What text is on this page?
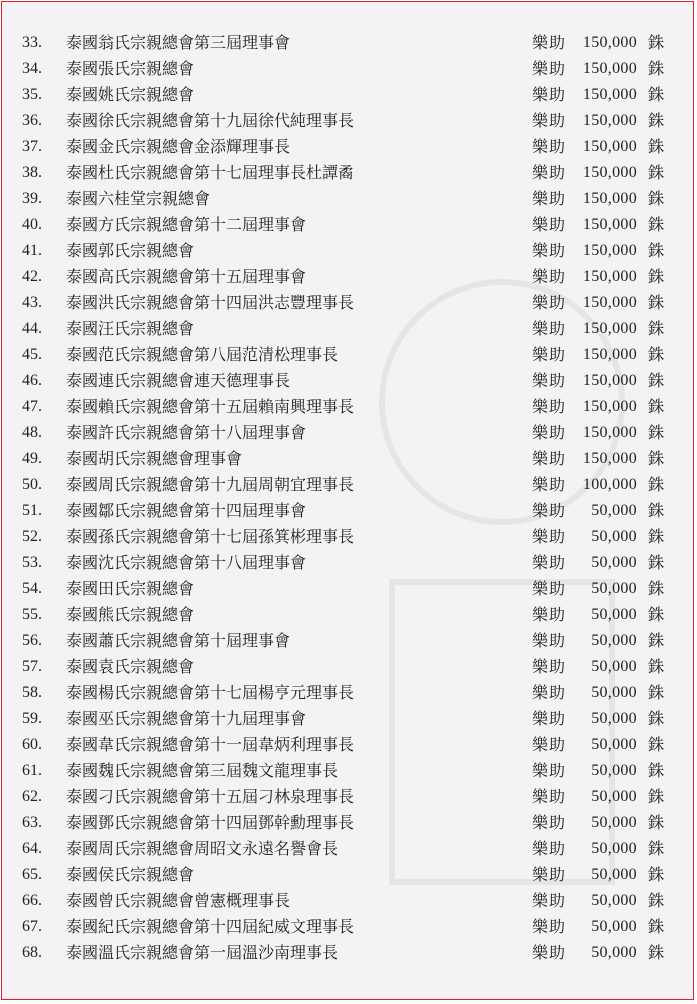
33.	泰國翁氏宗親總會第三屆理事會	樂助 150,000 銖
34.	泰國張氏宗親總會	樂助 150,000 銖
35.	泰國姚氏宗親總會	樂助 150,000 銖
36.	泰國徐氏宗親總會第十九屆徐代純理事長	樂助 150,000 銖
37.	泰國金氏宗親總會金添輝理事長	樂助 150,000 銖
38.	泰國杜氏宗親總會第十七屆理事長杜譚矞	樂助 150,000 銖
39.	泰國六桂堂宗親總會	樂助 150,000 銖
40.	泰國方氏宗親總會第十二屆理事會	樂助 150,000 銖
41.	泰國郭氏宗親總會	樂助 150,000 銖
42.	泰國高氏宗親總會第十五屆理事會	樂助 150,000 銖
43.	泰國洪氏宗親總會第十四屆洪志豐理事長	樂助 150,000 銖
44.	泰國汪氏宗親總會	樂助 150,000 銖
45.	泰國范氏宗親總會第八屆范清松理事長	樂助 150,000 銖
46.	泰國連氏宗親總會連天德理事長	樂助 150,000 銖
47.	泰國賴氏宗親總會第十五屆賴南興理事長	樂助 150,000 銖
48.	泰國許氏宗親總會第十八屆理事會	樂助 150,000 銖
49.	泰國胡氏宗親總會理事會	樂助 150,000 銖
50.	泰國周氏宗親總會第十九屆周朝宜理事長	樂助 100,000 銖
51.	泰國鄒氏宗親總會第十四屆理事會	樂助 50,000 銖
52.	泰國孫氏宗親總會第十七屆孫箕彬理事長	樂助 50,000 銖
53.	泰國沈氏宗親總會第十八屆理事會	樂助 50,000 銖
54.	泰國田氏宗親總會	樂助 50,000 銖
55.	泰國熊氏宗親總會	樂助 50,000 銖
56.	泰國蕭氏宗親總會第十屆理事會	樂助 50,000 銖
57.	泰國袁氏宗親總會	樂助 50,000 銖
58.	泰國楊氏宗親總會第十七屆楊亨元理事長	樂助 50,000 銖
59.	泰國巫氏宗親總會第十九屆理事會	樂助 50,000 銖
60.	泰國韋氏宗親總會第十一屆韋炳利理事長	樂助 50,000 銖
61.	泰國魏氏宗親總會第三屆魏文龍理事長	樂助 50,000 銖
62.	泰國刁氏宗親總會第十五屆刁林泉理事長	樂助 50,000 銖
63.	泰國鄧氏宗親總會第十四屆鄧幹勳理事長	樂助 50,000 銖
64.	泰國周氏宗親總會周昭文永遠名譽會長	樂助 50,000 銖
65.	泰國侯氏宗親總會	樂助 50,000 銖
66.	泰國曾氏宗親總會曾憲概理事長	樂助 50,000 銖
67.	泰國紀氏宗親總會第十四屆紀威文理事長	樂助 50,000 銖
68.	泰國溫氏宗親總會第一屆溫沙南理事長	樂助 50,000 銖
